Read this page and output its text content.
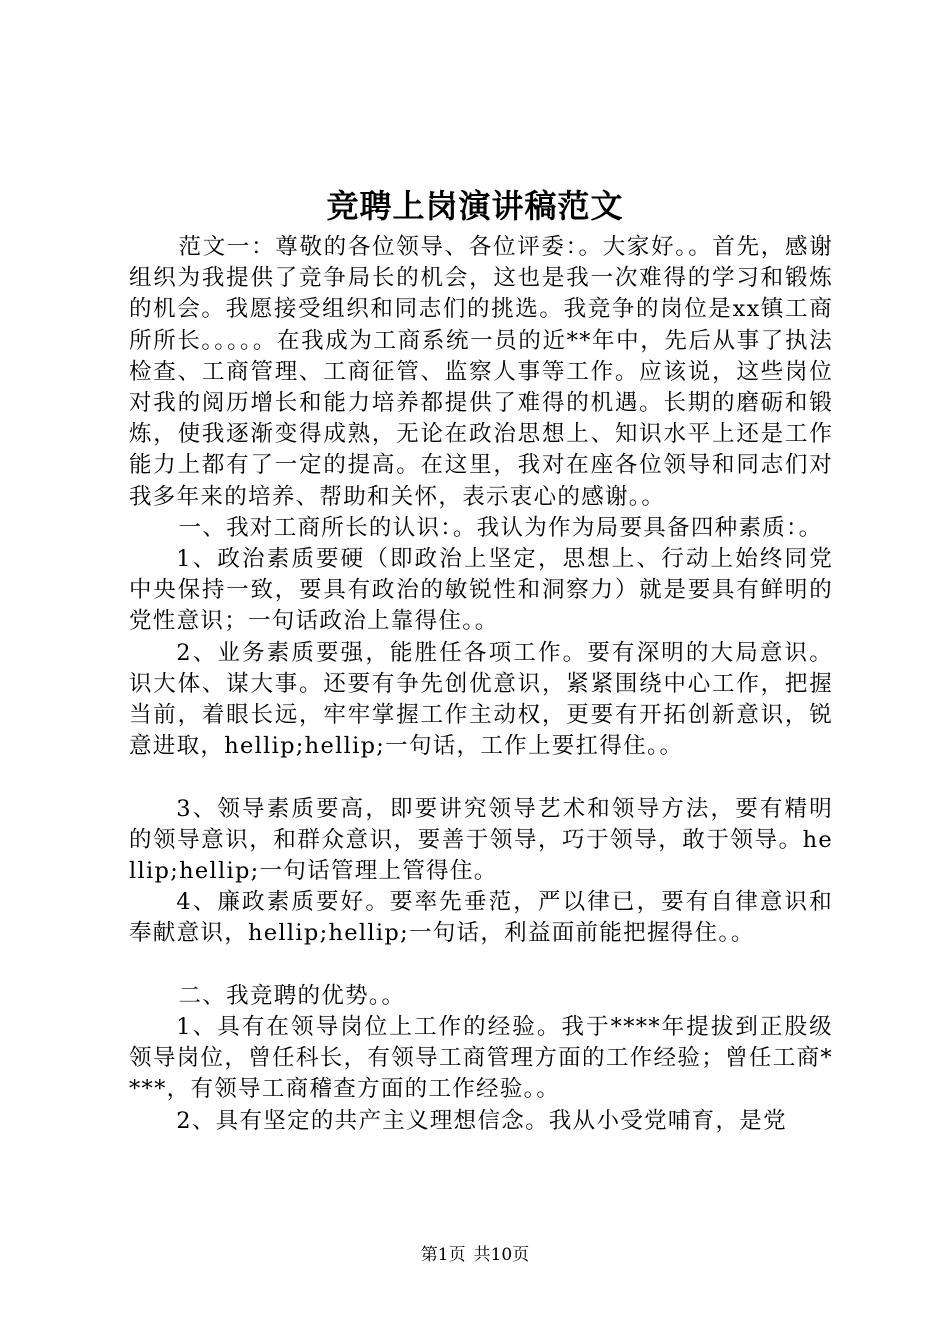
竞聘上岗演讲稿范文

范文一：尊敬的各位领导、各位评委：。大家好。。首先，感谢组织为我提供了竞争局长的机会，这也是我一次难得的学习和锻炼的机会。我愿接受组织和同志们的挑选。我竞争的岗位是xx镇工商所所长。。。。。在我成为工商系统一员的近**年中，先后从事了执法检查、工商管理、工商征管、监察人事等工作。应该说，这些岗位对我的阅历增长和能力培养都提供了难得的机遇。长期的磨砺和锻炼，使我逐渐变得成熟，无论在政治思想上、知识水平上还是工作能力上都有了一定的提高。在这里，我对在座各位领导和同志们对我多年来的培养、帮助和关怀，表示衷心的感谢。。

一、我对工商所长的认识：。我认为作为局要具备四种素质：。

1、政治素质要硬（即政治上坚定，思想上、行动上始终同党中央保持一致，要具有政治的敏锐性和洞察力）就是要具有鲜明的党性意识；一句话政治上靠得住。。

2、业务素质要强，能胜任各项工作。要有深明的大局意识。识大体、谋大事。还要有争先创优意识，紧紧围绕中心工作，把握当前，着眼长远，牢牢掌握工作主动权，更要有开拓创新意识，锐意进取，hellip;hellip;一句话，工作上要扛得住。。

3、领导素质要高，即要讲究领导艺术和领导方法，要有精明的领导意识，和群众意识，要善于领导，巧于领导，敢于领导。hellip;hellip;一句话管理上管得住。

4、廉政素质要好。要率先垂范，严以律已，要有自律意识和奉献意识，hellip;hellip;一句话，利益面前能把握得住。。

二、我竞聘的优势。。

1、具有在领导岗位上工作的经验。我于****年提拔到正股级领导岗位，曾任科长，有领导工商管理方面的工作经验；曾任工商****，有领导工商稽查方面的工作经验。。

2、具有坚定的共产主义理想信念。我从小受党哺育，是党

第1页 共10页
